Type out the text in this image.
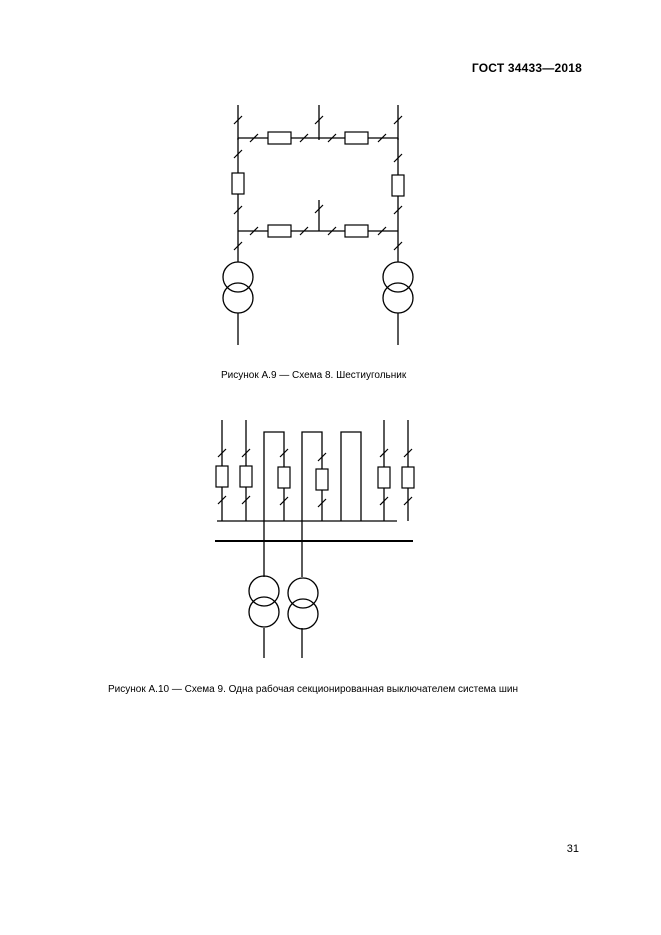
ГОСТ 34433—2018
Рисунок А.9 — Схема 8. Шестиугольник
Рисунок А.10 — Схема 9. Одна рабочая секционированная выключателем система шин
31
